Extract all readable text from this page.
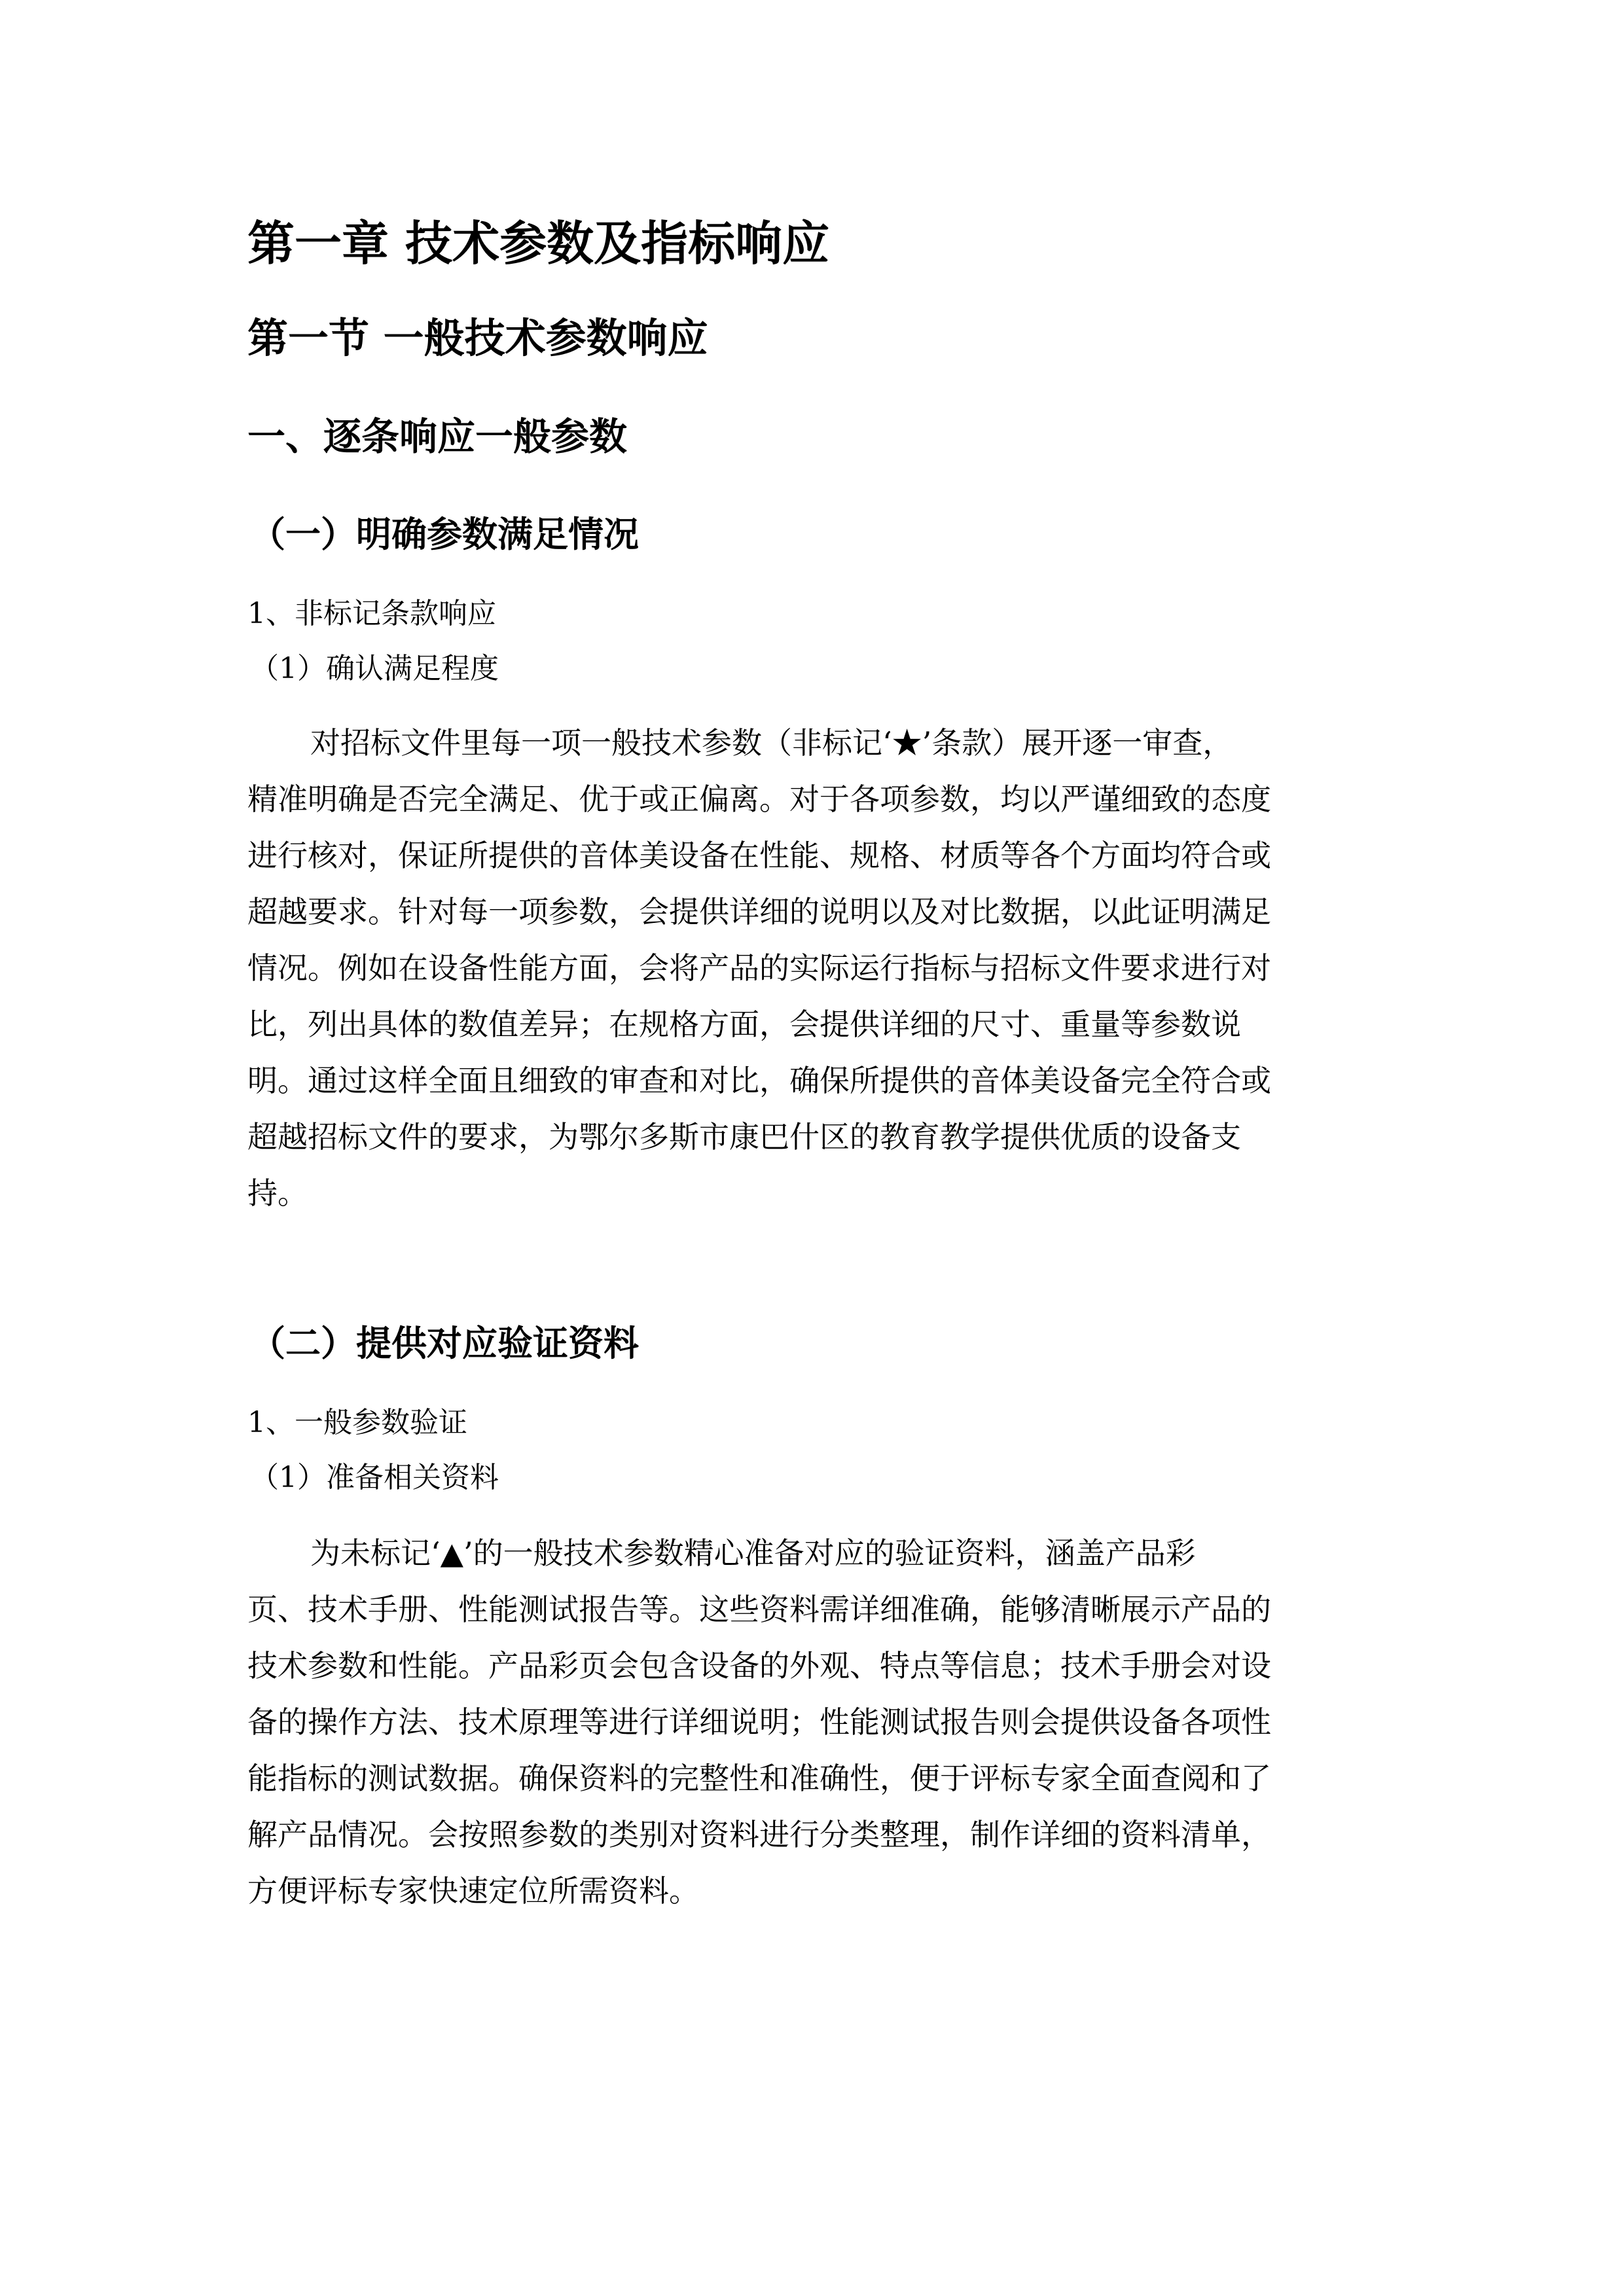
第一章 技术参数及指标响应
第一节 一般技术参数响应
一、逐条响应一般参数
（一）明确参数满足情况
1、非标记条款响应
（1）确认满足程度
对招标文件里每一项一般技术参数（非标记‘★’条款）展开逐一审查，
精准明确是否完全满足、优于或正偏离。对于各项参数，均以严谨细致的态度
进行核对，保证所提供的音体美设备在性能、规格、材质等各个方面均符合或
超越要求。针对每一项参数，会提供详细的说明以及对比数据，以此证明满足
情况。例如在设备性能方面，会将产品的实际运行指标与招标文件要求进行对
比，列出具体的数值差异；在规格方面，会提供详细的尺寸、重量等参数说
明。通过这样全面且细致的审查和对比，确保所提供的音体美设备完全符合或
超越招标文件的要求，为鄂尔多斯市康巴什区的教育教学提供优质的设备支
持。
（二）提供对应验证资料
1、一般参数验证
（1）准备相关资料
为未标记‘▲’的一般技术参数精心准备对应的验证资料，涵盖产品彩
页、技术手册、性能测试报告等。这些资料需详细准确，能够清晰展示产品的
技术参数和性能。产品彩页会包含设备的外观、特点等信息；技术手册会对设
备的操作方法、技术原理等进行详细说明；性能测试报告则会提供设备各项性
能指标的测试数据。确保资料的完整性和准确性，便于评标专家全面查阅和了
解产品情况。会按照参数的类别对资料进行分类整理，制作详细的资料清单，
方便评标专家快速定位所需资料。
